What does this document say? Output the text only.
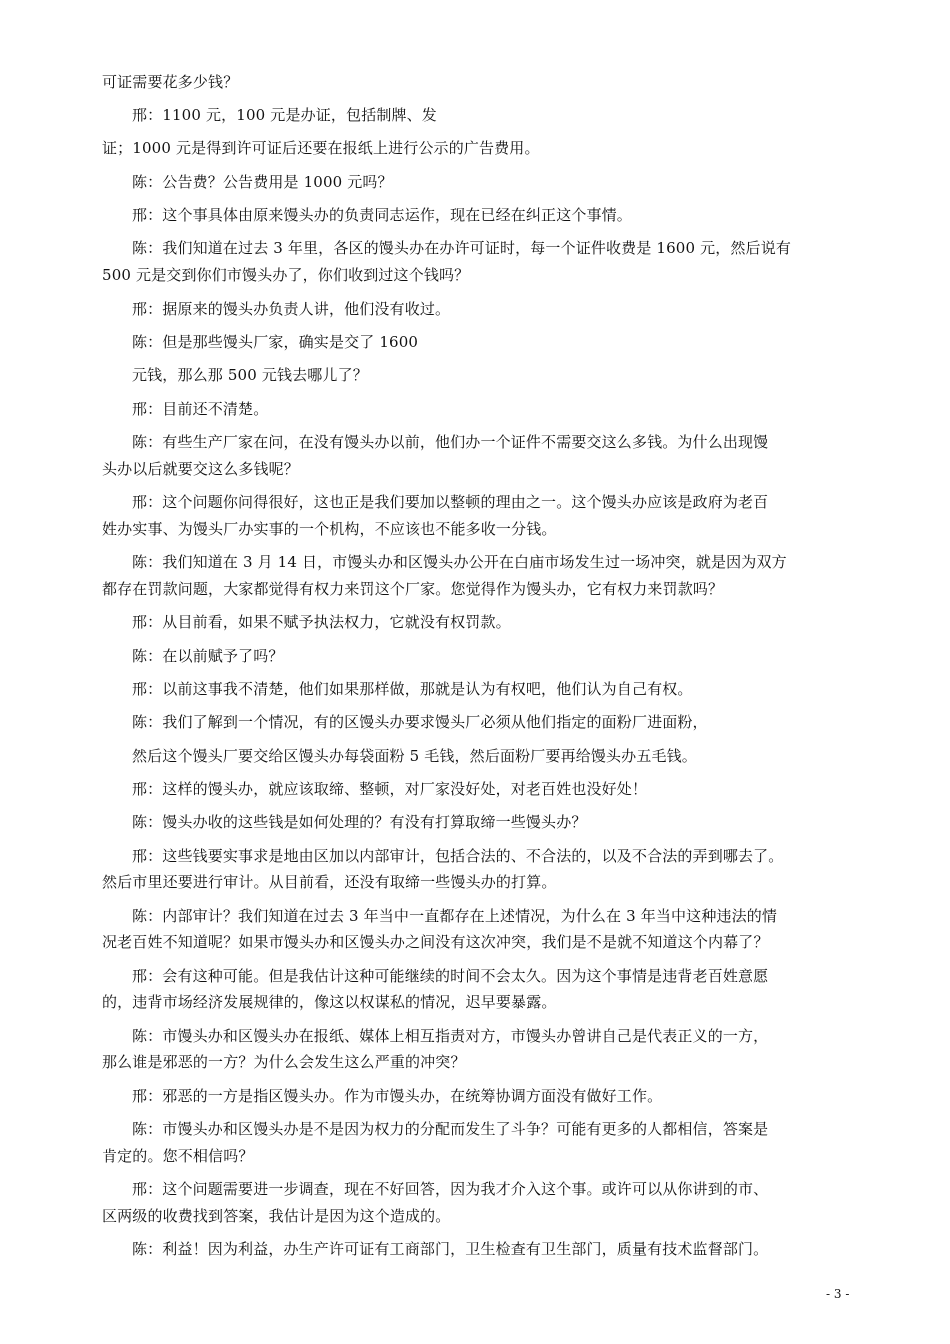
可证需要花多少钱？
邢：1100 元，100 元是办证，包括制牌、发
证；1000 元是得到许可证后还要在报纸上进行公示的广告费用。
陈：公告费？公告费用是 1000 元吗？
邢：这个事具体由原来馒头办的负责同志运作，现在已经在纠正这个事情。
陈：我们知道在过去 3 年里，各区的馒头办在办许可证时，每一个证件收费是 1600 元，然后说有
500 元是交到你们市馒头办了，你们收到过这个钱吗？
邢：据原来的馒头办负责人讲，他们没有收过。
陈：但是那些馒头厂家，确实是交了 1600
元钱，那么那 500 元钱去哪儿了？
邢：目前还不清楚。
陈：有些生产厂家在问，在没有馒头办以前，他们办一个证件不需要交这么多钱。为什么出现馒
头办以后就要交这么多钱呢？
邢：这个问题你问得很好，这也正是我们要加以整顿的理由之一。这个馒头办应该是政府为老百
姓办实事、为馒头厂办实事的一个机构，不应该也不能多收一分钱。
陈：我们知道在 3 月 14 日，市馒头办和区馒头办公开在白庙市场发生过一场冲突，就是因为双方
都存在罚款问题，大家都觉得有权力来罚这个厂家。您觉得作为馒头办，它有权力来罚款吗？
邢：从目前看，如果不赋予执法权力，它就没有权罚款。
陈：在以前赋予了吗？
邢：以前这事我不清楚，他们如果那样做，那就是认为有权吧，他们认为自己有权。
陈：我们了解到一个情况，有的区馒头办要求馒头厂必须从他们指定的面粉厂进面粉，
然后这个馒头厂要交给区馒头办每袋面粉 5 毛钱，然后面粉厂要再给馒头办五毛钱。
邢：这样的馒头办，就应该取缔、整顿，对厂家没好处，对老百姓也没好处！
陈：馒头办收的这些钱是如何处理的？有没有打算取缔一些馒头办？
邢：这些钱要实事求是地由区加以内部审计，包括合法的、不合法的，以及不合法的弄到哪去了。
然后市里还要进行审计。从目前看，还没有取缔一些馒头办的打算。
陈：内部审计？我们知道在过去 3 年当中一直都存在上述情况，为什么在 3 年当中这种违法的情
况老百姓不知道呢？如果市馒头办和区馒头办之间没有这次冲突，我们是不是就不知道这个内幕了？
邢：会有这种可能。但是我估计这种可能继续的时间不会太久。因为这个事情是违背老百姓意愿
的，违背市场经济发展规律的，像这以权谋私的情况，迟早要暴露。
陈：市馒头办和区馒头办在报纸、媒体上相互指责对方，市馒头办曾讲自己是代表正义的一方，
那么谁是邪恶的一方？为什么会发生这么严重的冲突？
邢：邪恶的一方是指区馒头办。作为市馒头办，在统筹协调方面没有做好工作。
陈：市馒头办和区馒头办是不是因为权力的分配而发生了斗争？可能有更多的人都相信，答案是
肯定的。您不相信吗？
邢：这个问题需要进一步调查，现在不好回答，因为我才介入这个事。或许可以从你讲到的市、
区两级的收费找到答案，我估计是因为这个造成的。
陈：利益！因为利益，办生产许可证有工商部门，卫生检查有卫生部门，质量有技术监督部门。
- 3 -
